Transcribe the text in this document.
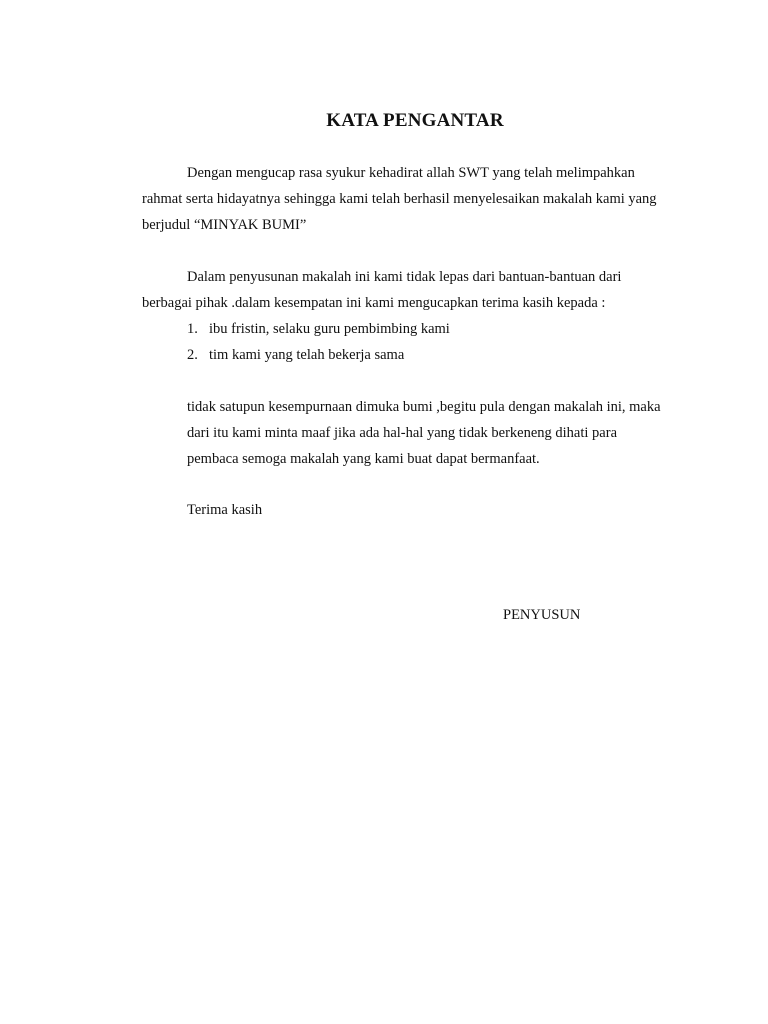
KATA PENGANTAR
Dengan mengucap rasa syukur kehadirat allah SWT yang telah melimpahkan
rahmat serta hidayatnya sehingga kami telah berhasil menyelesaikan makalah kami yang
berjudul “MINYAK BUMI”
Dalam penyusunan makalah ini kami tidak lepas dari bantuan-bantuan dari
berbagai pihak .dalam kesempatan ini kami mengucapkan terima kasih kepada :
1. ibu fristin, selaku guru pembimbing kami
2. tim kami yang telah bekerja sama
tidak satupun kesempurnaan dimuka bumi ,begitu pula dengan makalah ini, maka
dari itu kami minta maaf jika ada hal-hal yang tidak berkeneng dihati para
pembaca semoga makalah yang kami buat dapat bermanfaat.
Terima kasih
PENYUSUN
